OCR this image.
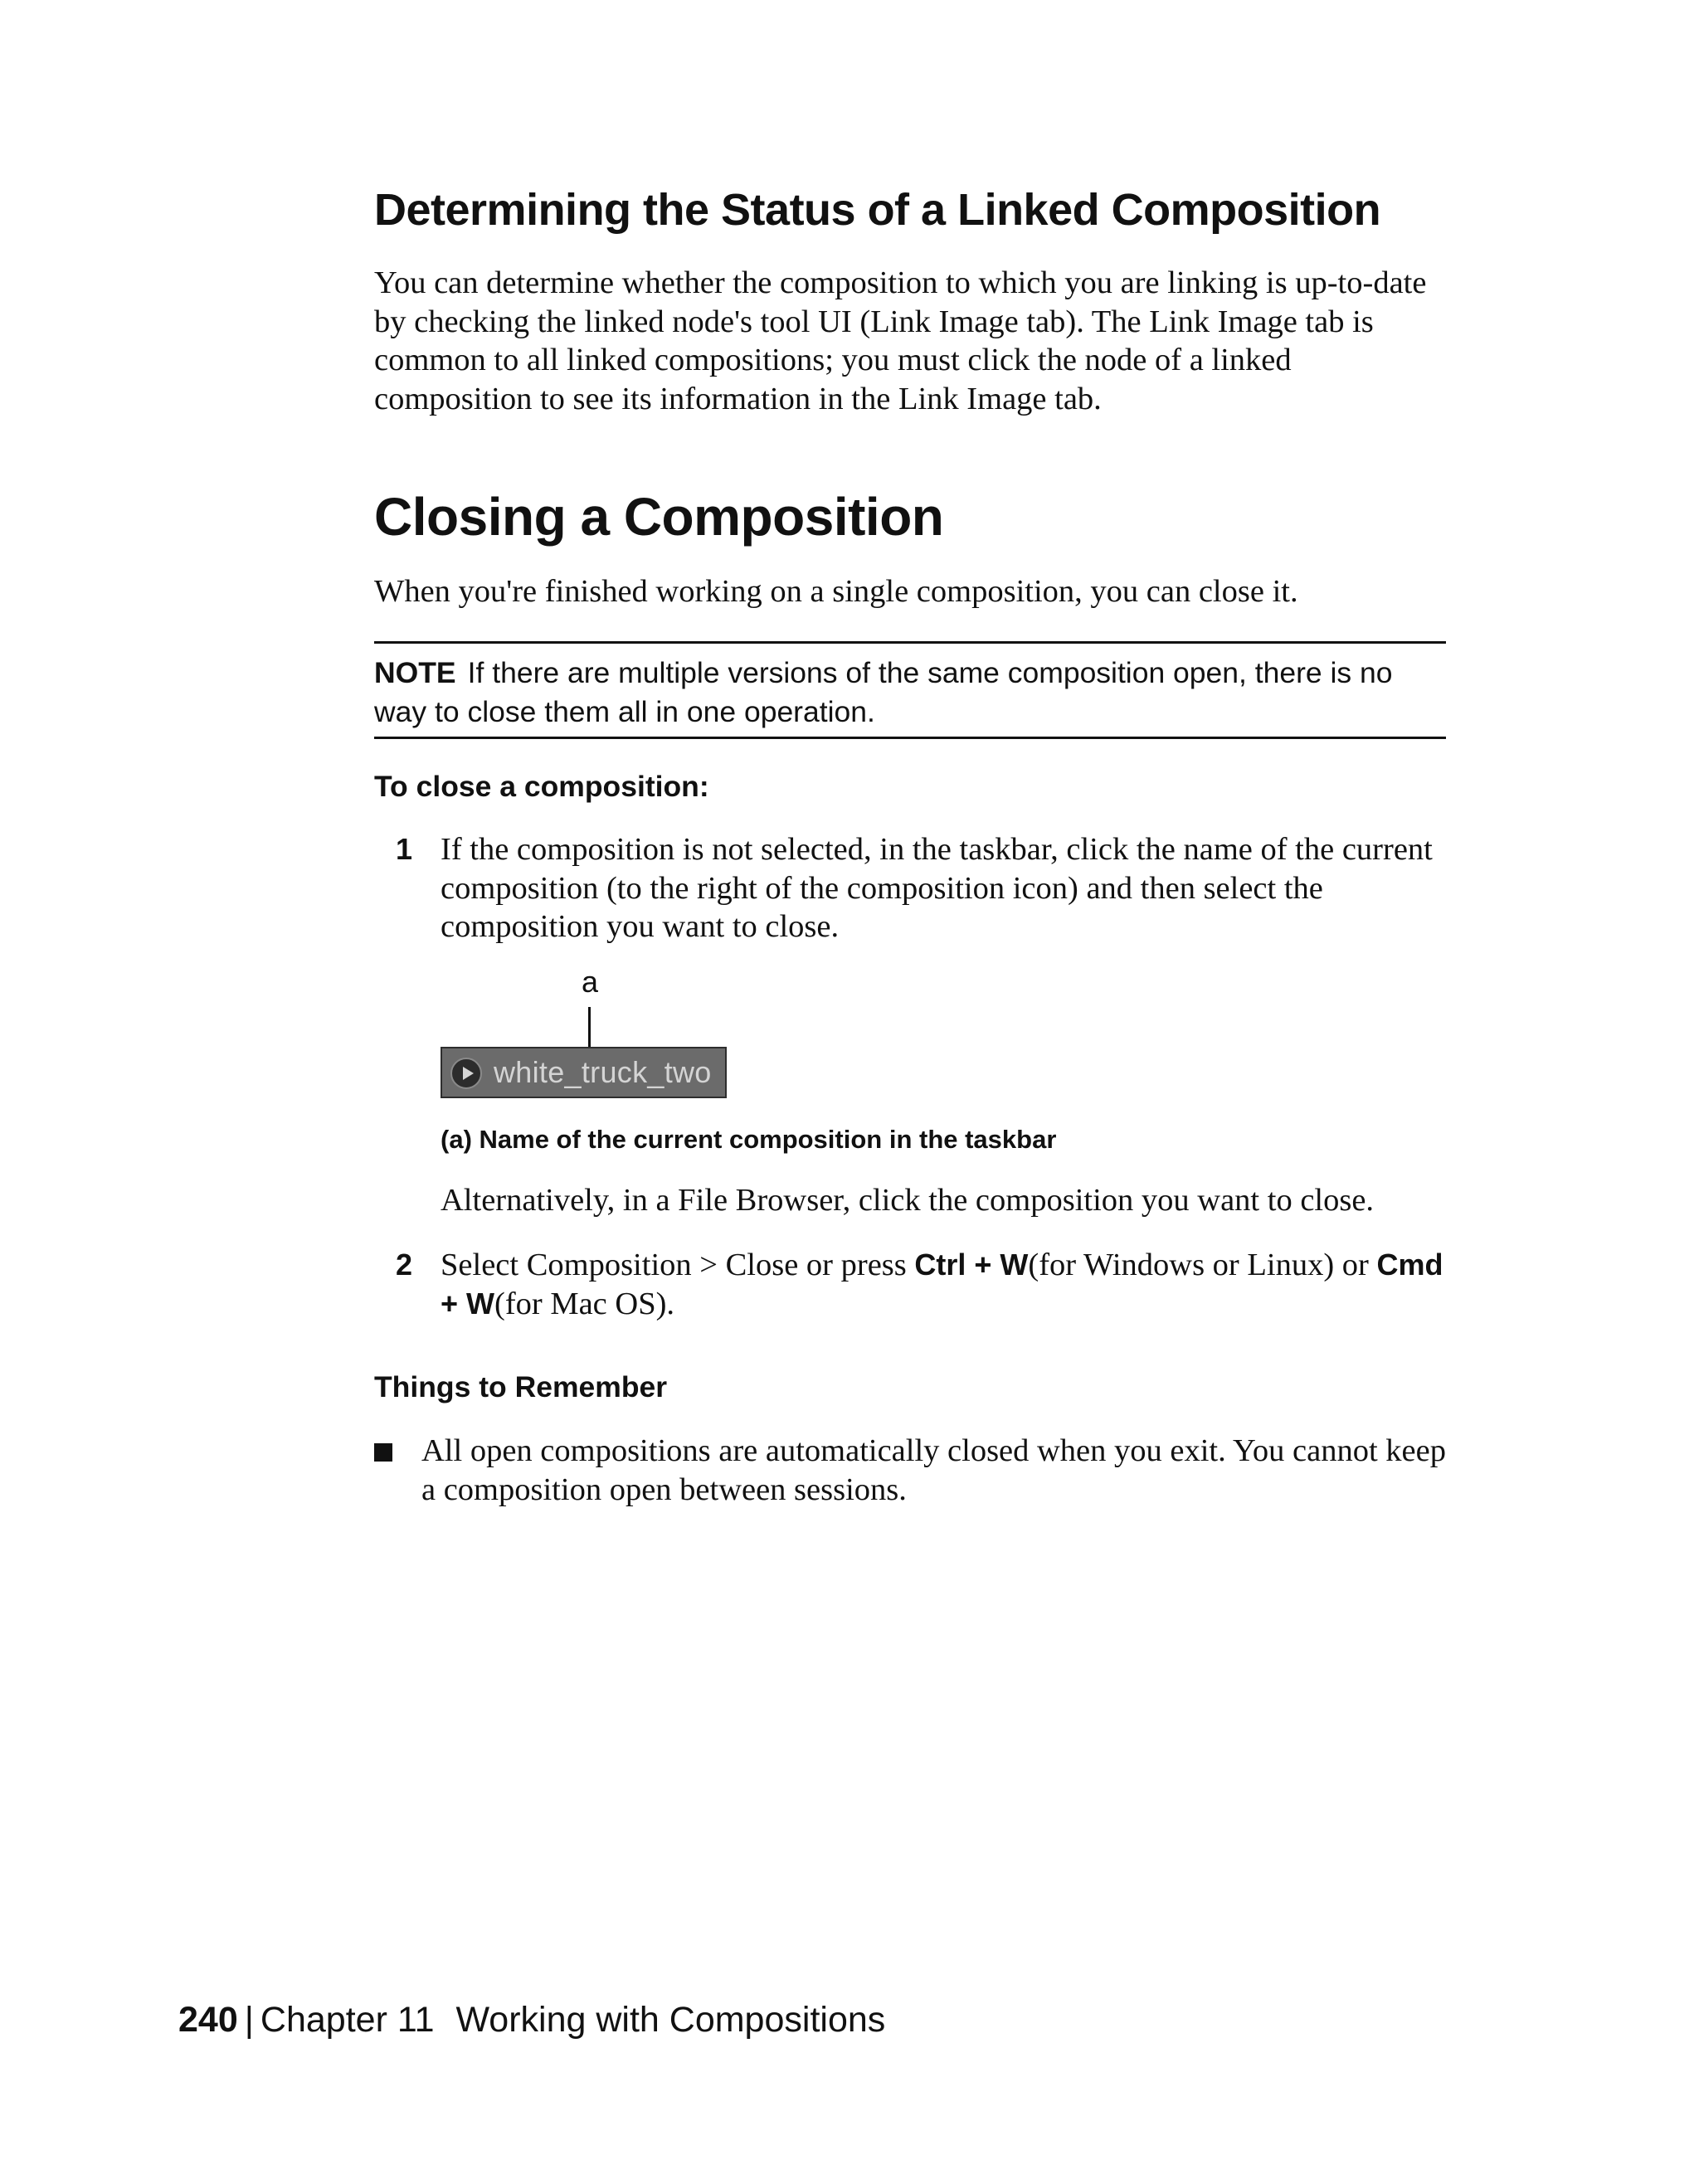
Determining the Status of a Linked Composition

You can determine whether the composition to which you are linking is up-to-date by checking the linked node's tool UI (Link Image tab). The Link Image tab is common to all linked compositions; you must click the node of a linked composition to see its information in the Link Image tab.

Closing a Composition

When you're finished working on a single composition, you can close it.

NOTE If there are multiple versions of the same composition open, there is no way to close them all in one operation.

To close a composition:

1 If the composition is not selected, in the taskbar, click the name of the current composition (to the right of the composition icon) and then select the composition you want to close.

a
white_truck_two

(a) Name of the current composition in the taskbar

Alternatively, in a File Browser, click the composition you want to close.

2 Select Composition > Close or press Ctrl + W(for Windows or Linux) or Cmd + W(for Mac OS).

Things to Remember

All open compositions are automatically closed when you exit. You cannot keep a composition open between sessions.

240 | Chapter 11 Working with Compositions
